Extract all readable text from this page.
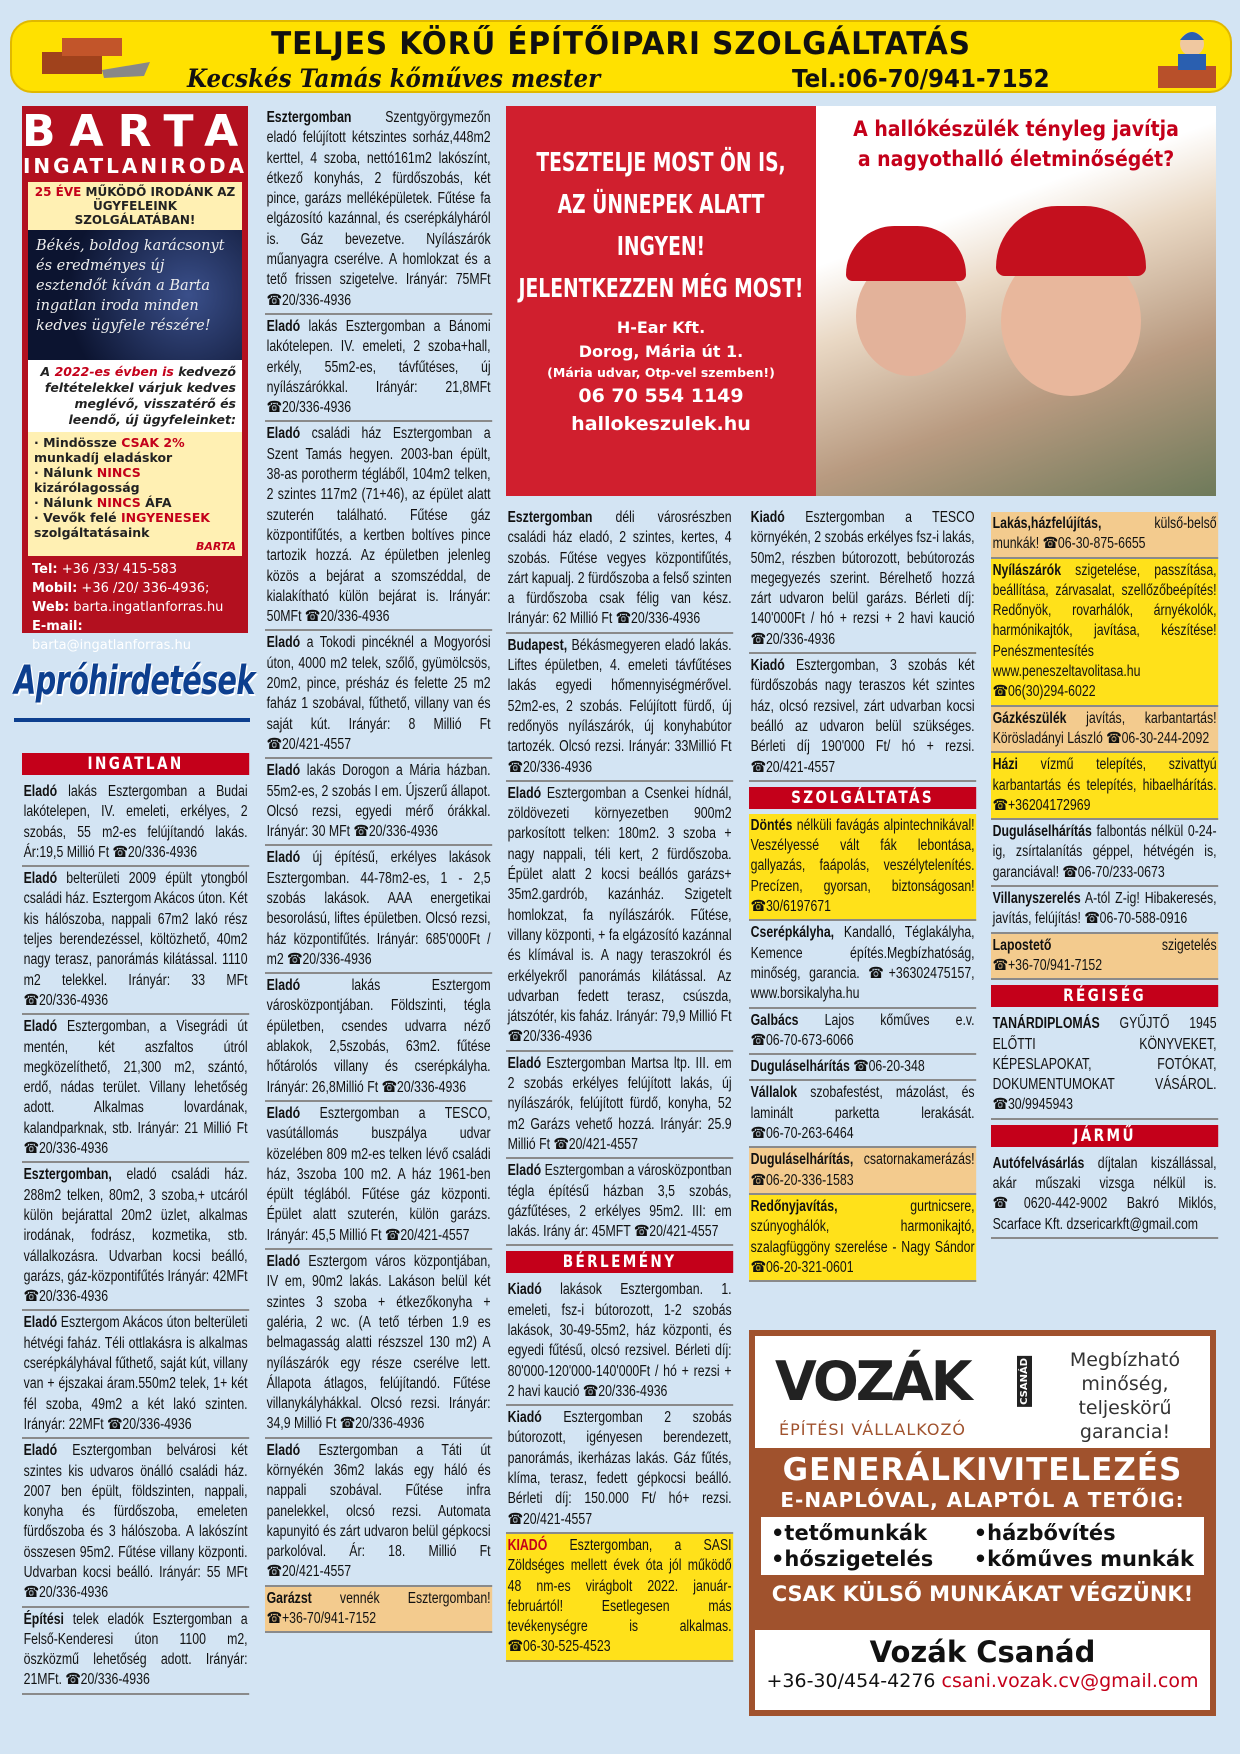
TELJES KÖRŰ ÉPÍTŐIPARI SZOLGÁLTATÁS
Kecskés Tamás kőműves mester	Tel.:06-70/941-7152
BARTA
INGATLANIRODA
25 ÉVE MŰKÖDŐ IRODÁNK AZ ÜGYFELEINK SZOLGÁLATÁBAN!
Békés, boldog karácsonyt és eredményes új esztendőt kíván a Barta ingatlan iroda minden kedves ügyfele részére!
A 2022-es évben is kedvező feltételekkel várjuk kedves meglévő, visszatérő és leendő, új ügyfeleinket:
· Mindössze CSAK 2% munkadíj eladáskor
· Nálunk NINCS kizárólagosság
· Nálunk NINCS ÁFA
· Vevők felé INGYENESEK szolgáltatásaink
BARTA
Tel: +36 /33/ 415-583
Mobil: +36 /20/ 336-4936;
Web: barta.ingatlanforras.hu
E-mail: barta@ingatlanforras.hu
Apróhirdetések
INGATLAN
Eladó lakás Esztergomban a Budai lakótelepen, IV. emeleti, erkélyes, 2 szobás, 55 m2-es felújítandó lakás. Ár:19,5 Millió Ft ☎20/336-4936
Eladó belterületi 2009 épült ytongból családi ház. Esztergom Akácos úton. Két kis hálószoba, nappali 67m2 lakó rész teljes berendezéssel, költözhető, 40m2 nagy terasz, panorámás kilátással. 1110 m2 telekkel. Irányár: 33 MFt ☎20/336-4936
Eladó Esztergomban, a Visegrádi út mentén, két aszfaltos útról megközelíthető, 21,300 m2, szántó, erdő, nádas terület. Villany lehetőség adott. Alkalmas lovardának, kalandparknak, stb. Irányár: 21 Millió Ft ☎20/336-4936
Esztergomban, eladó családi ház. 288m2 telken, 80m2, 3 szoba,+ utcáról külön bejárattal 20m2 üzlet, alkalmas irodának, fodrász, kozmetika, stb. vállalkozásra. Udvarban kocsi beálló, garázs, gáz-központifűtés Irányár: 42MFt ☎20/336-4936
Eladó Esztergom Akácos úton belterületi hétvégi faház. Téli ottlakásra is alkalmas cserépkályhával fűthető, saját kút, villany van + éjszakai áram.550m2 telek, 1+ két fél szoba, 49m2 a két lakó szinten. Irányár: 22MFt ☎20/336-4936
Eladó Esztergomban belvárosi két szintes kis udvaros önálló családi ház. 2007 ben épült, földszinten, nappali, konyha és fürdőszoba, emeleten fürdőszoba és 3 hálószoba. A lakószínt összesen 95m2. Fűtése villany központi. Udvarban kocsi beálló. Irányár: 55 MFt ☎20/336-4936
Építési telek eladók Esztergomban a Felső-Kenderesi úton 1100 m2, öszközmű lehetőség adott. Irányár: 21MFt. ☎20/336-4936
Esztergomban Szentgyörgymezőn eladó felújított kétszintes sorház,448m2 kerttel, 4 szoba, nettó161m2 lakószínt, étkező konyhás, 2 fürdőszobás, két pince, garázs melléképületek. Fűtése fa elgázosító kazánnal, és cserépkályháról is. Gáz bevezetve. Nyílászárók műanyagra cserélve. A homlokzat és a tető frissen szigetelve. Irányár: 75MFt ☎20/336-4936
Eladó lakás Esztergomban a Bánomi lakótelepen. IV. emeleti, 2 szoba+hall, erkély, 55m2-es, távfűtéses, új nyílászárókkal. Irányár: 21,8MFt ☎20/336-4936
Eladó családi ház Esztergomban a Szent Tamás hegyen. 2003-ban épült, 38-as porotherm tégláből, 104m2 telken, 2 szintes 117m2 (71+46), az épület alatt szuterén található. Fűtése gáz központifűtés, a kertben boltíves pince tartozik hozzá. Az épületben jelenleg közös a bejárat a szomszéddal, de kialakítható külön bejárat is. Irányár: 50MFt ☎20/336-4936
Eladó a Tokodi pincéknél a Mogyorósi úton, 4000 m2 telek, szőlő, gyümölcsös, 20m2, pince, présház és felette 25 m2 faház 1 szobával, fűthető, villany van és saját kút. Irányár: 8 Millió Ft ☎20/421-4557
Eladó lakás Dorogon a Mária házban. 55m2-es, 2 szobás I em. Újszerű állapot. Olcsó rezsi, egyedi mérő órákkal. Irányár: 30 MFt ☎20/336-4936
Eladó új építésű, erkélyes lakások Esztergomban. 44-78m2-es, 1 - 2,5 szobás lakások. AAA energetikai besorolású, liftes épületben. Olcsó rezsi, ház központifűtés. Irányár: 685'000Ft / m2 ☎20/336-4936
Eladó lakás Esztergom városközpontjában. Földszinti, tégla épületben, csendes udvarra néző ablakok, 2,5szobás, 63m2. fűtése hőtárolós villany és cserépkályha. Irányár: 26,8Millió Ft ☎20/336-4936
Eladó Esztergomban a TESCO, vasútállomás buszpálya udvar közelében 809 m2-es telken lévő családi ház, 3szoba 100 m2. A ház 1961-ben épült téglából. Fűtése gáz központi. Épület alatt szuterén, külön garázs. Irányár: 45,5 Millió Ft ☎20/421-4557
Eladó Esztergom város központjában, IV em, 90m2 lakás. Lakáson belül két szintes 3 szoba + étkezőkonyha + galéria, 2 wc. (A tető térben 1.9 es belmagasság alatti részszel 130 m2) A nyílászárók egy része cserélve lett. Állapota átlagos, felújítandó. Fűtése villanykályhákkal. Olcsó rezsi. Irányár: 34,9 Millió Ft ☎20/336-4936
Eladó Esztergomban a Táti út környékén 36m2 lakás egy háló és nappali szobával. Fűtése infra panelekkel, olcsó rezsi. Automata kapunyitó és zárt udvaron belül gépkocsi parkolóval. Ár: 18. Millió Ft ☎20/421-4557
Garázst vennék Esztergomban! ☎+36-70/941-7152
Esztergomban déli városrészben családi ház eladó, 2 szintes, kertes, 4 szobás. Fűtése vegyes központifűtés, zárt kapualj. 2 fürdőszoba a felső szinten a fürdőszoba csak félig van kész. Irányár: 62 Millió Ft ☎20/336-4936
Budapest, Békásmegyeren eladó lakás. Liftes épületben, 4. emeleti távfűtéses lakás egyedi hőmennyiségmérővel. 52m2-es, 2 szobás. Felújított fürdő, új redőnyös nyílászárók, új konyhabútor tartozék. Olcsó rezsi. Irányár: 33Millió Ft ☎20/336-4936
Eladó Esztergomban a Csenkei hídnál, zöldövezeti környezetben 900m2 parkosított telken: 180m2. 3 szoba + nagy nappali, téli kert, 2 fürdőszoba. Épület alatt 2 kocsi beállós garázs+ 35m2.gardrób, kazánház. Szigetelt homlokzat, fa nyílászárók. Fűtése, villany központi, + fa elgázosító kazánnal és klímával is. A nagy teraszokról és erkélyekről panorámás kilátással. Az udvarban fedett terasz, csúszda, játszótér, kis faház. Irányár: 79,9 Millió Ft ☎20/336-4936
Eladó Esztergomban Martsa ltp. III. em 2 szobás erkélyes felújított lakás, új nyílászárók, felújított fürdő, konyha, 52 m2 Garázs vehető hozzá. Irányár: 25.9 Millió Ft ☎20/421-4557
Eladó Esztergomban a városközpontban tégla építésű házban 3,5 szobás, gázfűtéses, 2 erkélyes 95m2. III: em lakás. Irány ár: 45MFT ☎20/421-4557
BÉRLEMÉNY
Kiadó lakások Esztergomban. 1. emeleti, fsz-i bútorozott, 1-2 szobás lakások, 30-49-55m2, ház központi, és egyedi fűtésű, olcsó rezsivel. Bérleti díj: 80'000-120'000-140'000Ft / hó + rezsi + 2 havi kaució ☎20/336-4936
Kiadó Esztergomban 2 szobás bútorozott, igényesen berendezett, panorámás, ikerházas lakás. Gáz fűtés, klíma, terasz, fedett gépkocsi beálló. Bérleti díj: 150.000 Ft/ hó+ rezsi. ☎20/421-4557
KIADÓ Esztergomban, a SASI Zöldséges mellett évek óta jól működő 48 nm-es virágbolt 2022. január-februártól! Esetlegesen más tevékenységre is alkalmas. ☎06-30-525-4523
Kiadó Esztergomban a TESCO környékén, 2 szobás erkélyes fsz-i lakás, 50m2, részben bútorozott, bebútorozás megegyezés szerint. Bérelhető hozzá zárt udvaron belül garázs. Bérleti díj: 140'000Ft / hó + rezsi + 2 havi kaució ☎20/336-4936
Kiadó Esztergomban, 3 szobás két fürdőszobás nagy teraszos két szintes ház, olcsó rezsivel, zárt udvarban kocsi beálló az udvaron belül szükséges. Bérleti díj 190'000 Ft/ hó + rezsi. ☎20/421-4557
SZOLGÁLTATÁS
Döntés nélküli favágás alpintechnikával! Veszélyessé vált fák lebontása, gallyazás, faápolás, veszélytelenítés. Precízen, gyorsan, biztonságosan! ☎30/6197671
Cserépkályha, Kandalló, Téglakályha, Kemence építés.Megbízhatóság, minőség, garancia. ☎+36302475157, www.borsikalyha.hu
Galbács Lajos kőműves e.v. ☎06-70-673-6066
Duguláselhárítás ☎06-20-348
Vállalok szobafestést, mázolást, és laminált parketta lerakását. ☎06-70-263-6464
Duguláselhárítás, csatornakamerázás! ☎06-20-336-1583
Redőnyjavítás, gurtnicsere, szúnyoghálók, harmonikajtó, szalagfüggöny szerelése - Nagy Sándor ☎06-20-321-0601
Lakás,házfelújítás, külső-belső munkák! ☎06-30-875-6655
Nyílászárók szigetelése, passzítása, beállítása, zárvasalat, szellőzőbeépítés! Redőnyök, rovarhálók, árnyékolók, harmónikajtók, javítása, készítése! Penészmentesítés www.peneszeltavolitasa.hu ☎06(30)294-6022
Gázkészülék javítás, karbantartás! Körösladányi László ☎06-30-244-2092
Házi vízmű telepítés, szivattyú karbantartás és telepítés, hibaelhárítás. ☎+36204172969
Duguláselhárítás falbontás nélkül 0-24-ig, zsírtalanítás géppel, hétvégén is, garanciával! ☎06-70/233-0673
Villanyszerelés A-tól Z-ig! Hibakeresés, javítás, felújítás! ☎06-70-588-0916
Lapostető szigetelés ☎+36-70/941-7152
RÉGISÉG
TANÁRDIPLOMÁS GYŰJTŐ 1945 ELŐTTI KÖNYVEKET, KÉPESLAPOKAT, FOTÓKAT, DOKUMENTUMOKAT VÁSÁROL. ☎30/9945943
JÁRMŰ
Autófelvásárlás díjtalan kiszállással, akár műszaki vizsga nélkül is. ☎0620-442-9002 Bakró Miklós, Scarface Kft. dzsericarkft@gmail.com
TESZTELJE MOST ÖN IS,
AZ ÜNNEPEK ALATT
INGYEN!
JELENTKEZZEN MÉG MOST!
H-Ear Kft.
Dorog, Mária út 1.
(Mária udvar, Otp-vel szemben!)
06 70 554 1149
hallokeszulek.hu
A hallókészülék tényleg javítja a nagyothalló életminőségét?
VOZÁK	CSANÁD
ÉPÍTÉSI VÁLLALKOZÓ
Megbízható minőség, teljeskörű garancia!
GENERÁLKIVITELEZÉS
E-NAPLÓVAL, ALAPTÓL A TETŐIG:
•tetőmunkák	•házbővítés
•hőszigetelés	•kőműves munkák
CSAK KÜLSŐ MUNKÁKAT VÉGZÜNK!
Vozák Csanád
+36-30/454-4276 csani.vozak.cv@gmail.com
